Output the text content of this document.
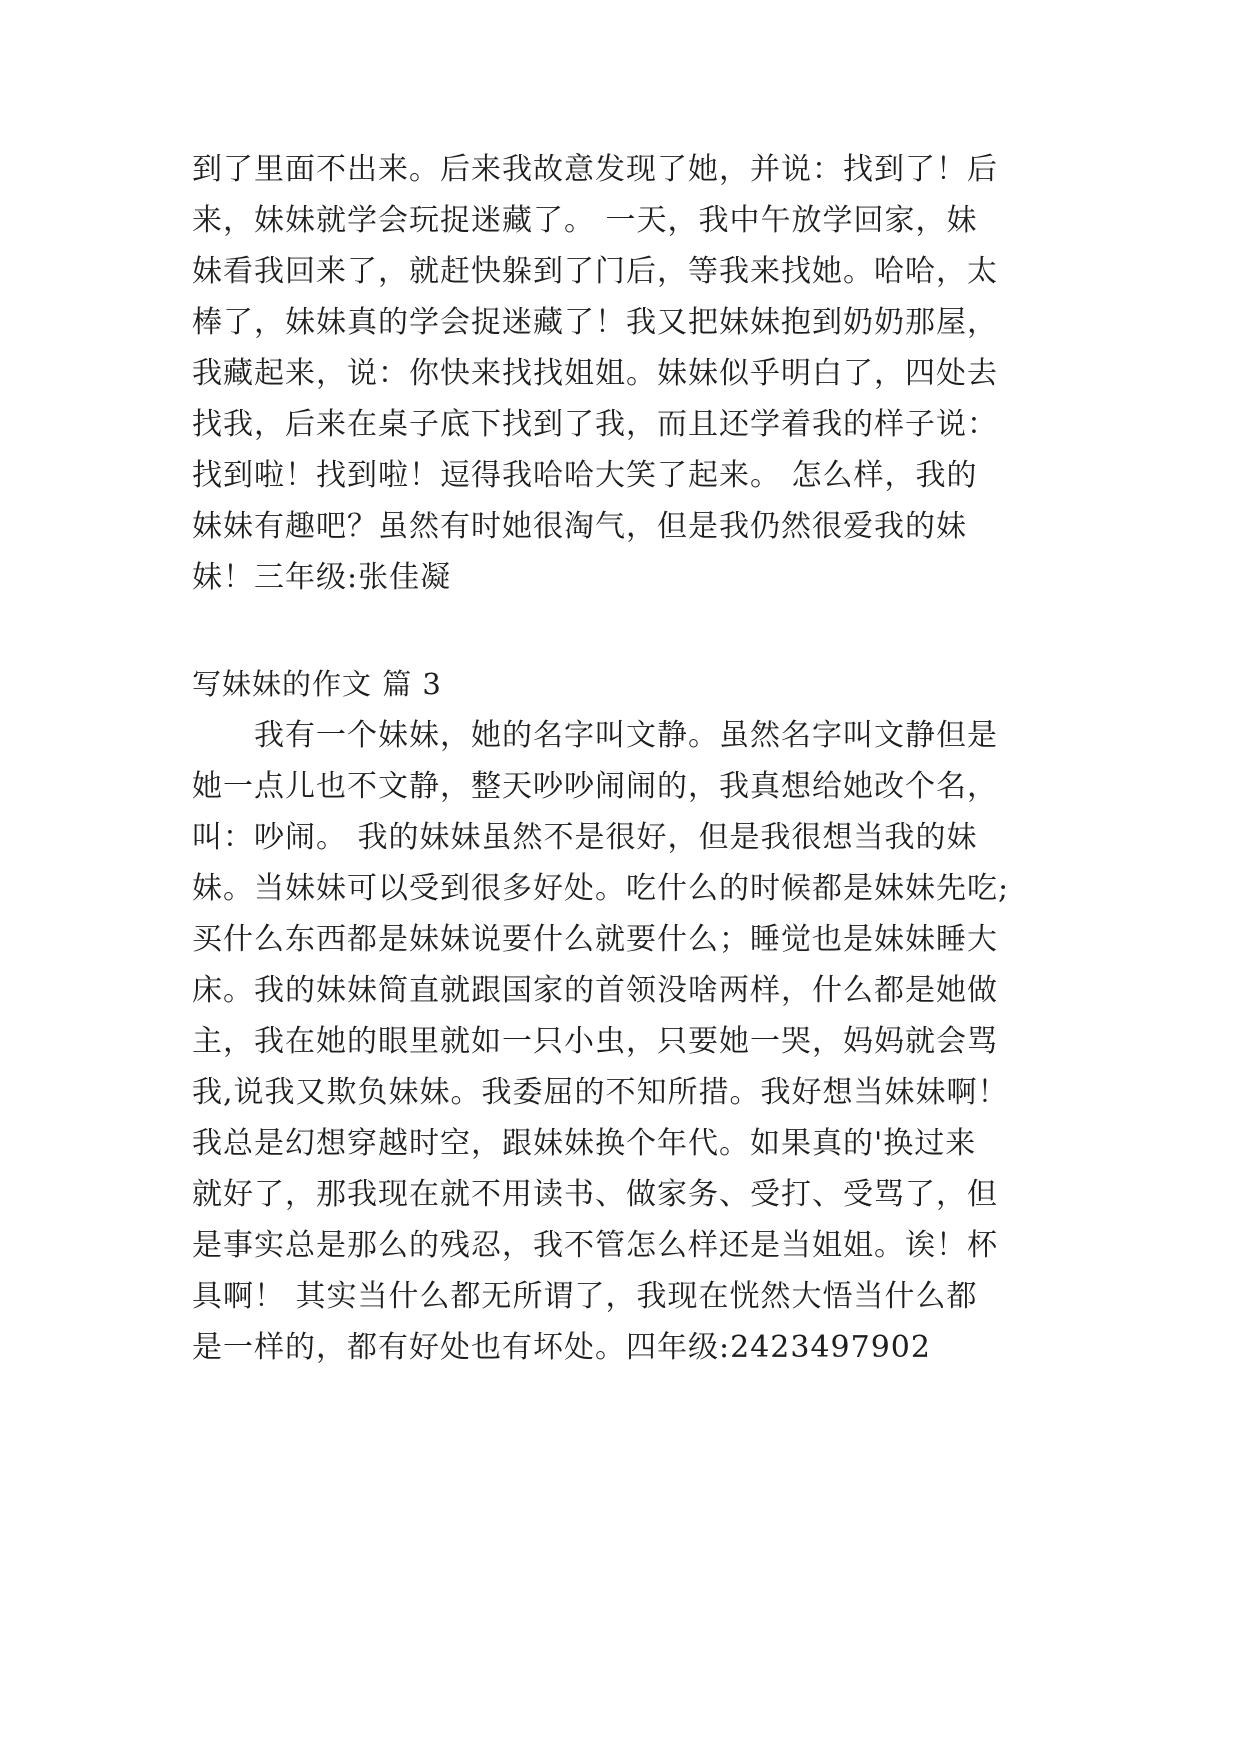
到了里面不出来。后来我故意发现了她，并说：找到了！后
来，妹妹就学会玩捉迷藏了。 一天，我中午放学回家，妹
妹看我回来了，就赶快躲到了门后，等我来找她。哈哈，太
棒了，妹妹真的学会捉迷藏了！我又把妹妹抱到奶奶那屋，
我藏起来，说：你快来找找姐姐。妹妹似乎明白了，四处去
找我，后来在桌子底下找到了我，而且还学着我的样子说：
找到啦！找到啦！逗得我哈哈大笑了起来。 怎么样，我的
妹妹有趣吧？虽然有时她很淘气，但是我仍然很爱我的妹
妹！三年级:张佳凝
写妹妹的作文 篇 3
　　我有一个妹妹，她的名字叫文静。虽然名字叫文静但是
她一点儿也不文静，整天吵吵闹闹的，我真想给她改个名，
叫：吵闹。 我的妹妹虽然不是很好，但是我很想当我的妹
妹。当妹妹可以受到很多好处。吃什么的时候都是妹妹先吃;
买什么东西都是妹妹说要什么就要什么；睡觉也是妹妹睡大
床。我的妹妹简直就跟国家的首领没啥两样，什么都是她做
主，我在她的眼里就如一只小虫，只要她一哭，妈妈就会骂
我,说我又欺负妹妹。我委屈的不知所措。我好想当妹妹啊！
我总是幻想穿越时空，跟妹妹换个年代。如果真的'换过来
就好了，那我现在就不用读书、做家务、受打、受骂了，但
是事实总是那么的残忍，我不管怎么样还是当姐姐。诶！杯
具啊！ 其实当什么都无所谓了，我现在恍然大悟当什么都
是一样的，都有好处也有坏处。四年级:2423497902
